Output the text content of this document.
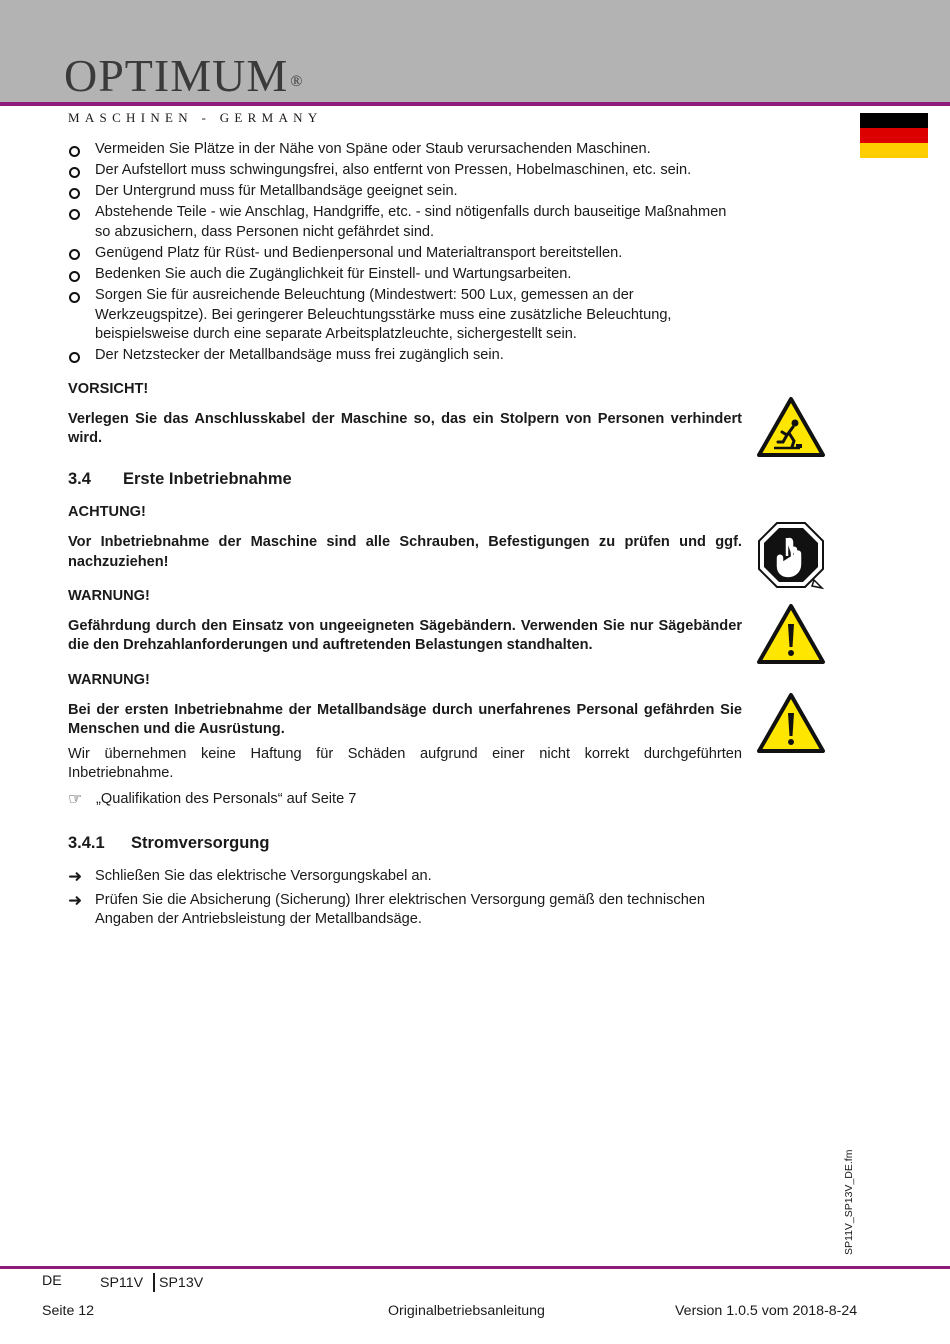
OPTIMUM ®
MASCHINEN - GERMANY
Vermeiden Sie Plätze in der Nähe von Späne oder Staub verursachenden Maschinen.
Der Aufstellort muss schwingungsfrei, also entfernt von Pressen, Hobelmaschinen, etc. sein.
Der Untergrund muss für Metallbandsäge geeignet sein.
Abstehende Teile - wie Anschlag, Handgriffe, etc. - sind nötigenfalls durch bauseitige Maßnahmen so abzusichern, dass Personen nicht gefährdet sind.
Genügend Platz für Rüst- und Bedienpersonal und Materialtransport bereitstellen.
Bedenken Sie auch die Zugänglichkeit für Einstell- und Wartungsarbeiten.
Sorgen Sie für ausreichende Beleuchtung (Mindestwert: 500 Lux, gemessen an der Werkzeugspitze). Bei geringerer Beleuchtungsstärke muss eine zusätzliche Beleuchtung, beispielsweise durch eine separate Arbeitsplatzleuchte, sichergestellt sein.
Der Netzstecker der Metallbandsäge muss frei zugänglich sein.
VORSICHT!
Verlegen Sie das Anschlusskabel der Maschine so, das ein Stolpern von Personen verhindert wird.
3.4 Erste Inbetriebnahme
ACHTUNG!
Vor Inbetriebnahme der Maschine sind alle Schrauben, Befestigungen zu prüfen und ggf. nachzuziehen!
WARNUNG!
Gefährdung durch den Einsatz von ungeeigneten Sägebändern. Verwenden Sie nur Sägebänder die den Drehzahlanforderungen und auftretenden Belastungen standhalten.
WARNUNG!
Bei der ersten Inbetriebnahme der Metallbandsäge durch unerfahrenes Personal gefährden Sie Menschen und die Ausrüstung.
Wir übernehmen keine Haftung für Schäden aufgrund einer nicht korrekt durchgeführten Inbetriebnahme.
☞ „Qualifikation des Personals“ auf Seite 7
3.4.1 Stromversorgung
➜ Schließen Sie das elektrische Versorgungskabel an.
➜ Prüfen Sie die Absicherung (Sicherung) Ihrer elektrischen Versorgung gemäß den technischen Angaben der Antriebsleistung der Metallbandsäge.
SP11V_SP13V_DE.fm
DE	SP11V SP13V
Seite 12	Originalbetriebsanleitung	Version 1.0.5 vom 2018-8-24
